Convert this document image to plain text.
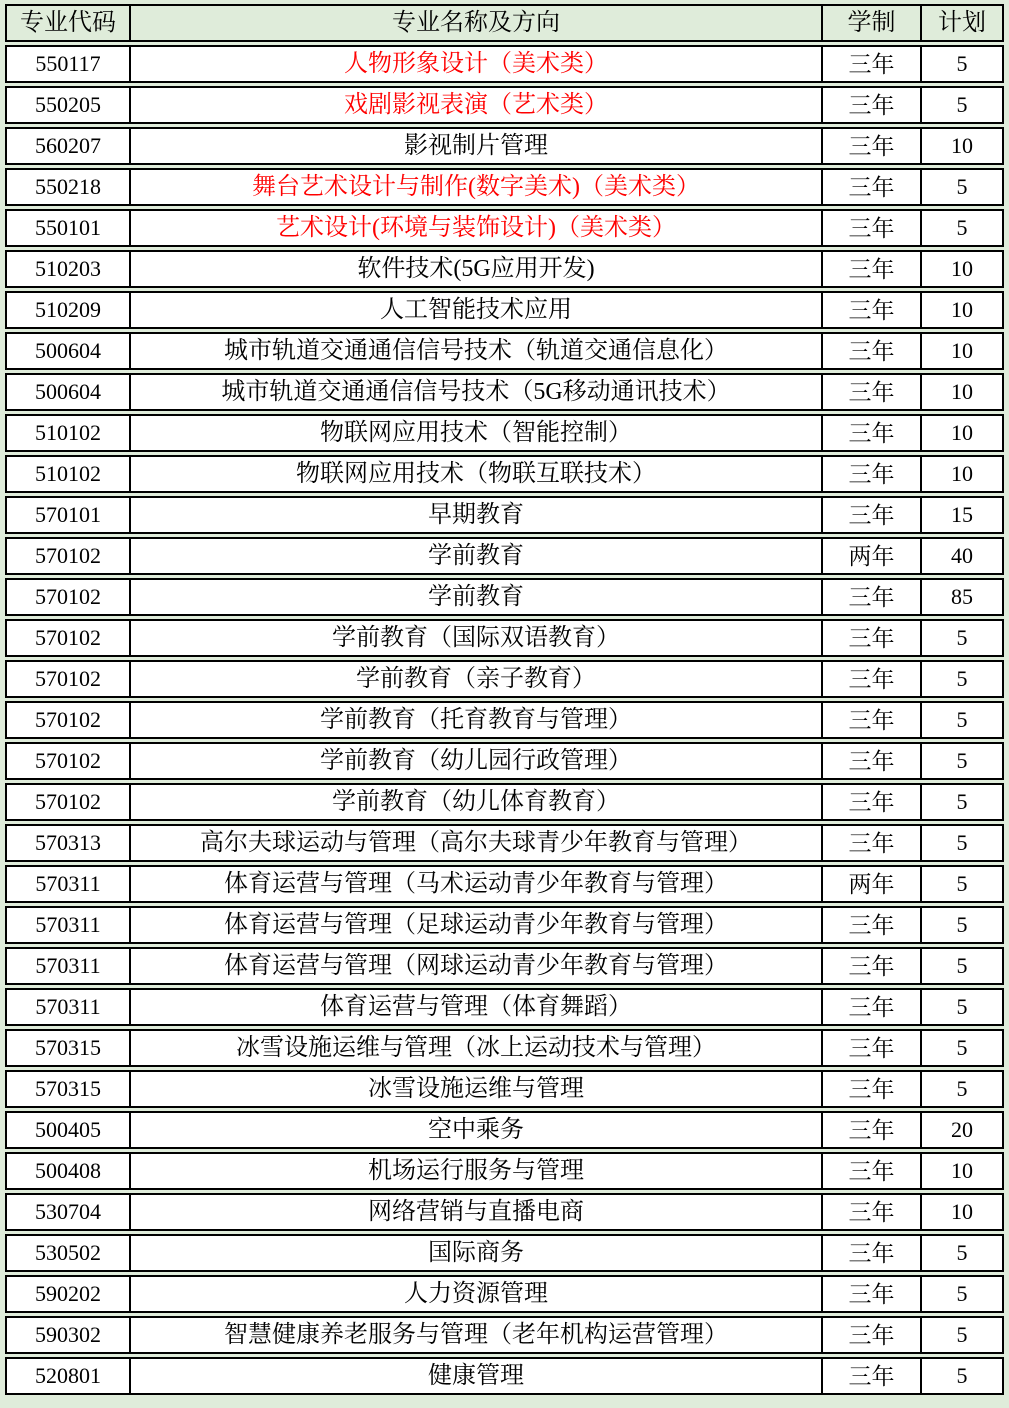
专业代码	专业名称及方向	学制	计划
550117	人物形象设计（美术类）	三年	5
550205	戏剧影视表演（艺术类）	三年	5
560207	影视制片管理	三年	10
550218	舞台艺术设计与制作(数字美术)（美术类）	三年	5
550101	艺术设计(环境与装饰设计)（美术类）	三年	5
510203	软件技术(5G应用开发)	三年	10
510209	人工智能技术应用	三年	10
500604	城市轨道交通通信信号技术（轨道交通信息化）	三年	10
500604	城市轨道交通通信信号技术（5G移动通讯技术）	三年	10
510102	物联网应用技术（智能控制）	三年	10
510102	物联网应用技术（物联互联技术）	三年	10
570101	早期教育	三年	15
570102	学前教育	两年	40
570102	学前教育	三年	85
570102	学前教育（国际双语教育）	三年	5
570102	学前教育（亲子教育）	三年	5
570102	学前教育（托育教育与管理）	三年	5
570102	学前教育（幼儿园行政管理）	三年	5
570102	学前教育（幼儿体育教育）	三年	5
570313	高尔夫球运动与管理（高尔夫球青少年教育与管理）	三年	5
570311	体育运营与管理（马术运动青少年教育与管理）	两年	5
570311	体育运营与管理（足球运动青少年教育与管理）	三年	5
570311	体育运营与管理（网球运动青少年教育与管理）	三年	5
570311	体育运营与管理（体育舞蹈）	三年	5
570315	冰雪设施运维与管理（冰上运动技术与管理）	三年	5
570315	冰雪设施运维与管理	三年	5
500405	空中乘务	三年	20
500408	机场运行服务与管理	三年	10
530704	网络营销与直播电商	三年	10
530502	国际商务	三年	5
590202	人力资源管理	三年	5
590302	智慧健康养老服务与管理（老年机构运营管理）	三年	5
520801	健康管理	三年	5
